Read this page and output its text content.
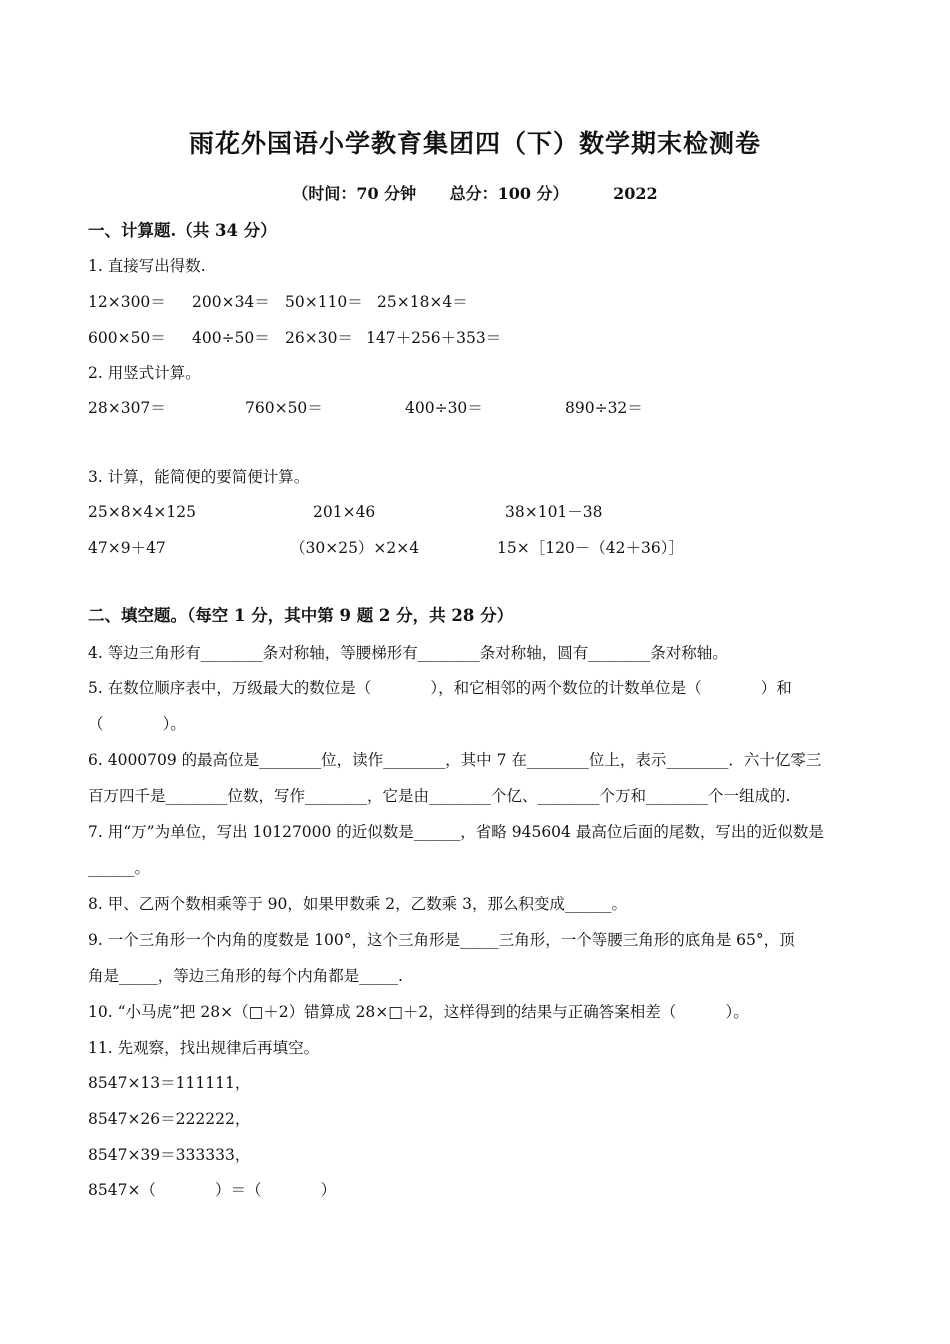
雨花外国语小学教育集团四（下）数学期末检测卷
（时间：70 分钟      总分：100 分）        2022
一、计算题.（共 34 分）
1. 直接写出得数.
12×300＝ 200×34＝ 50×110＝ 25×18×4＝
600×50＝ 400÷50＝ 26×30＝ 147＋256＋353＝
2. 用竖式计算。
28×307＝	760×50＝	400÷30＝	890÷32＝
3. 计算，能简便的要简便计算。
25×8×4×125	201×46	38×101－38
47×9＋47	（30×25）×2×4	15×［120－（42＋36）］
二、填空题。（每空 1 分，其中第 9 题 2 分，共 28 分）
4. 等边三角形有________条对称轴，等腰梯形有________条对称轴，圆有________条对称轴。
5. 在数位顺序表中，万级最大的数位是（            ），和它相邻的两个数位的计数单位是（            ）和
（            ）。
6. 4000709 的最高位是________位，读作________，其中 7 在________位上，表示________．六十亿零三
百万四千是________位数，写作________，它是由________个亿、________个万和________个一组成的.
7. 用“万”为单位，写出 10127000 的近似数是______，省略 945604 最高位后面的尾数，写出的近似数是
______。
8. 甲、乙两个数相乘等于 90，如果甲数乘 2，乙数乘 3，那么积变成______。
9. 一个三角形一个内角的度数是 100°，这个三角形是_____三角形，一个等腰三角形的底角是 65°，顶
角是_____，等边三角形的每个内角都是_____.
10. “小马虎”把 28×（□＋2）错算成 28×□＋2，这样得到的结果与正确答案相差（          ）。
11. 先观察，找出规律后再填空。
8547×13＝111111，
8547×26＝222222，
8547×39＝333333，
8547×（            ）＝（            ）
